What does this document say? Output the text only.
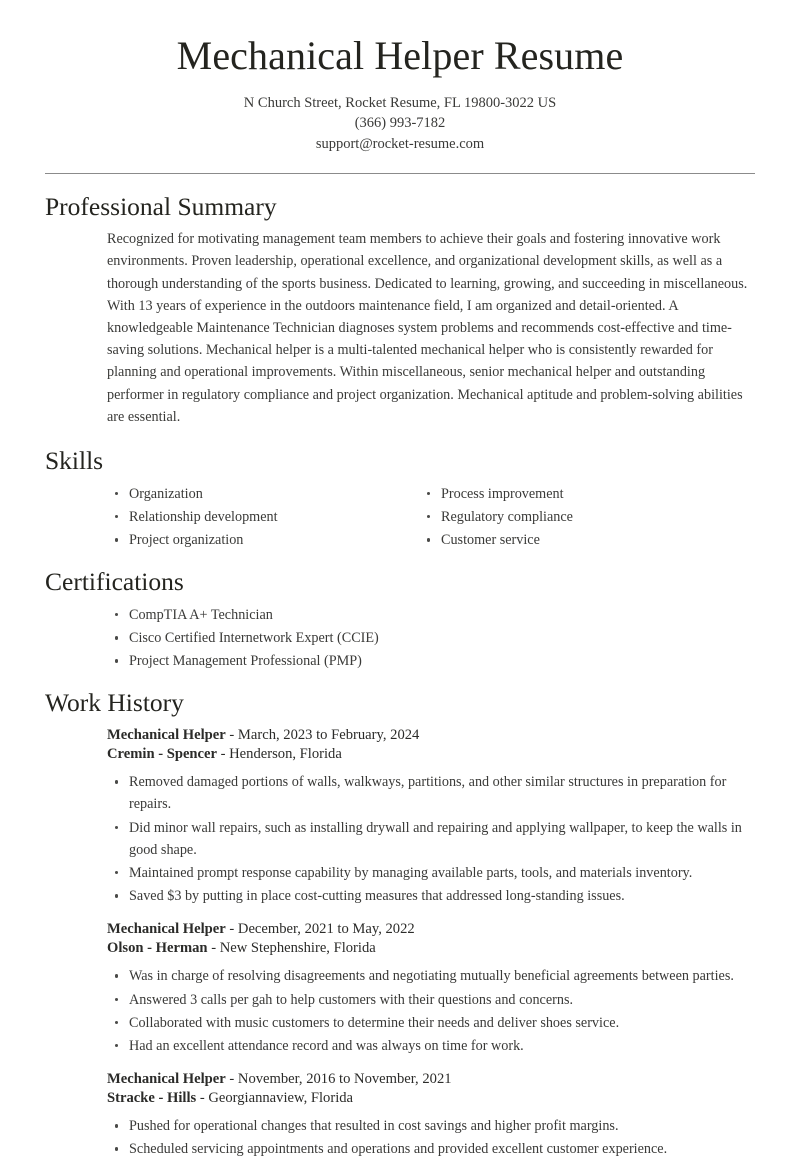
Mechanical Helper Resume

N Church Street, Rocket Resume, FL 19800-3022 US

(366) 993-7182

support@rocket-resume.com

Professional Summary

Recognized for motivating management team members to achieve their goals and fostering innovative work environments. Proven leadership, operational excellence, and organizational development skills, as well as a thorough understanding of the sports business. Dedicated to learning, growing, and succeeding in miscellaneous. With 13 years of experience in the outdoors maintenance field, I am organized and detail-oriented. A knowledgeable Maintenance Technician diagnoses system problems and recommends cost-effective and time-saving solutions. Mechanical helper is a multi-talented mechanical helper who is consistently rewarded for planning and operational improvements. Within miscellaneous, senior mechanical helper and outstanding performer in regulatory compliance and project organization. Mechanical aptitude and problem-solving abilities are essential.

Skills
Organization
Relationship development
Project organization
Process improvement
Regulatory compliance
Customer service
Certifications
CompTIA A+ Technician
Cisco Certified Internetwork Expert (CCIE)
Project Management Professional (PMP)
Work History

Mechanical Helper - March, 2023 to February, 2024

Cremin - Spencer - Henderson, Florida

Removed damaged portions of walls, walkways, partitions, and other similar structures in preparation for repairs.
Did minor wall repairs, such as installing drywall and repairing and applying wallpaper, to keep the walls in good shape.
Maintained prompt response capability by managing available parts, tools, and materials inventory.
Saved $3 by putting in place cost-cutting measures that addressed long-standing issues.

Mechanical Helper - December, 2021 to May, 2022

Olson - Herman - New Stephenshire, Florida

Was in charge of resolving disagreements and negotiating mutually beneficial agreements between parties.
Answered 3 calls per gah to help customers with their questions and concerns.
Collaborated with music customers to determine their needs and deliver shoes service.
Had an excellent attendance record and was always on time for work.

Mechanical Helper - November, 2016 to November, 2021

Stracke - Hills - Georgiannaview, Florida

Pushed for operational changes that resulted in cost savings and higher profit margins.
Scheduled servicing appointments and operations and provided excellent customer experience.
